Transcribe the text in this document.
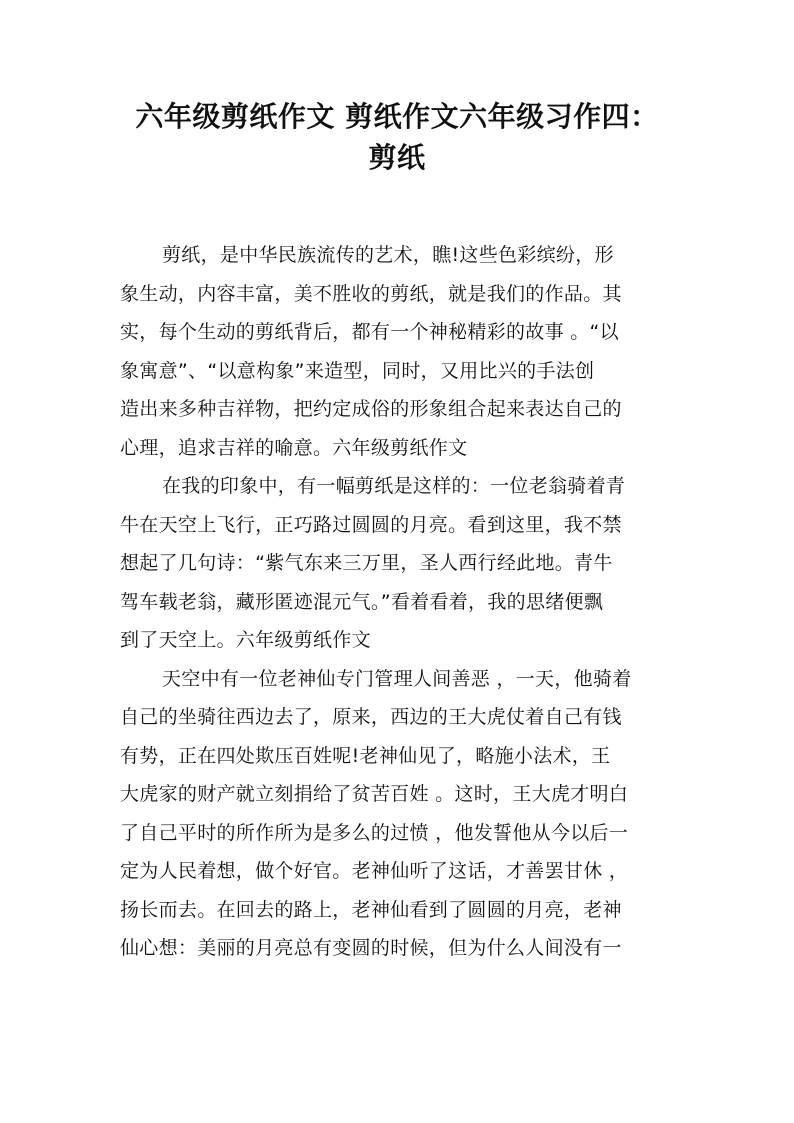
六年级剪纸作文 剪纸作文六年级习作四：
剪纸

剪纸，是中华民族流传的艺术，瞧!这些色彩缤纷，形
象生动，内容丰富，美不胜收的剪纸，就是我们的作品。其
实，每个生动的剪纸背后，都有一个神秘精彩的故事 。“以
象寓意”、“以意构象”来造型，同时，又用比兴的手法创
造出来多种吉祥物，把约定成俗的形象组合起来表达自己的
心理，追求吉祥的喻意。六年级剪纸作文

在我的印象中，有一幅剪纸是这样的：一位老翁骑着青
牛在天空上飞行，正巧路过圆圆的月亮。看到这里，我不禁
想起了几句诗：“紫气东来三万里，圣人西行经此地。青牛
驾车载老翁，藏形匿迹混元气。”看着看着，我的思绪便飘
到了天空上。六年级剪纸作文

天空中有一位老神仙专门管理人间善恶 ，一天，他骑着
自己的坐骑往西边去了，原来，西边的王大虎仗着自己有钱
有势，正在四处欺压百姓呢!老神仙见了，略施小法术，王
大虎家的财产就立刻捐给了贫苦百姓 。这时，王大虎才明白
了自己平时的所作所为是多么的过愤 ，他发誓他从今以后一
定为人民着想，做个好官。老神仙听了这话，才善罢甘休 ，
扬长而去。在回去的路上，老神仙看到了圆圆的月亮，老神
仙心想：美丽的月亮总有变圆的时候，但为什么人间没有一
